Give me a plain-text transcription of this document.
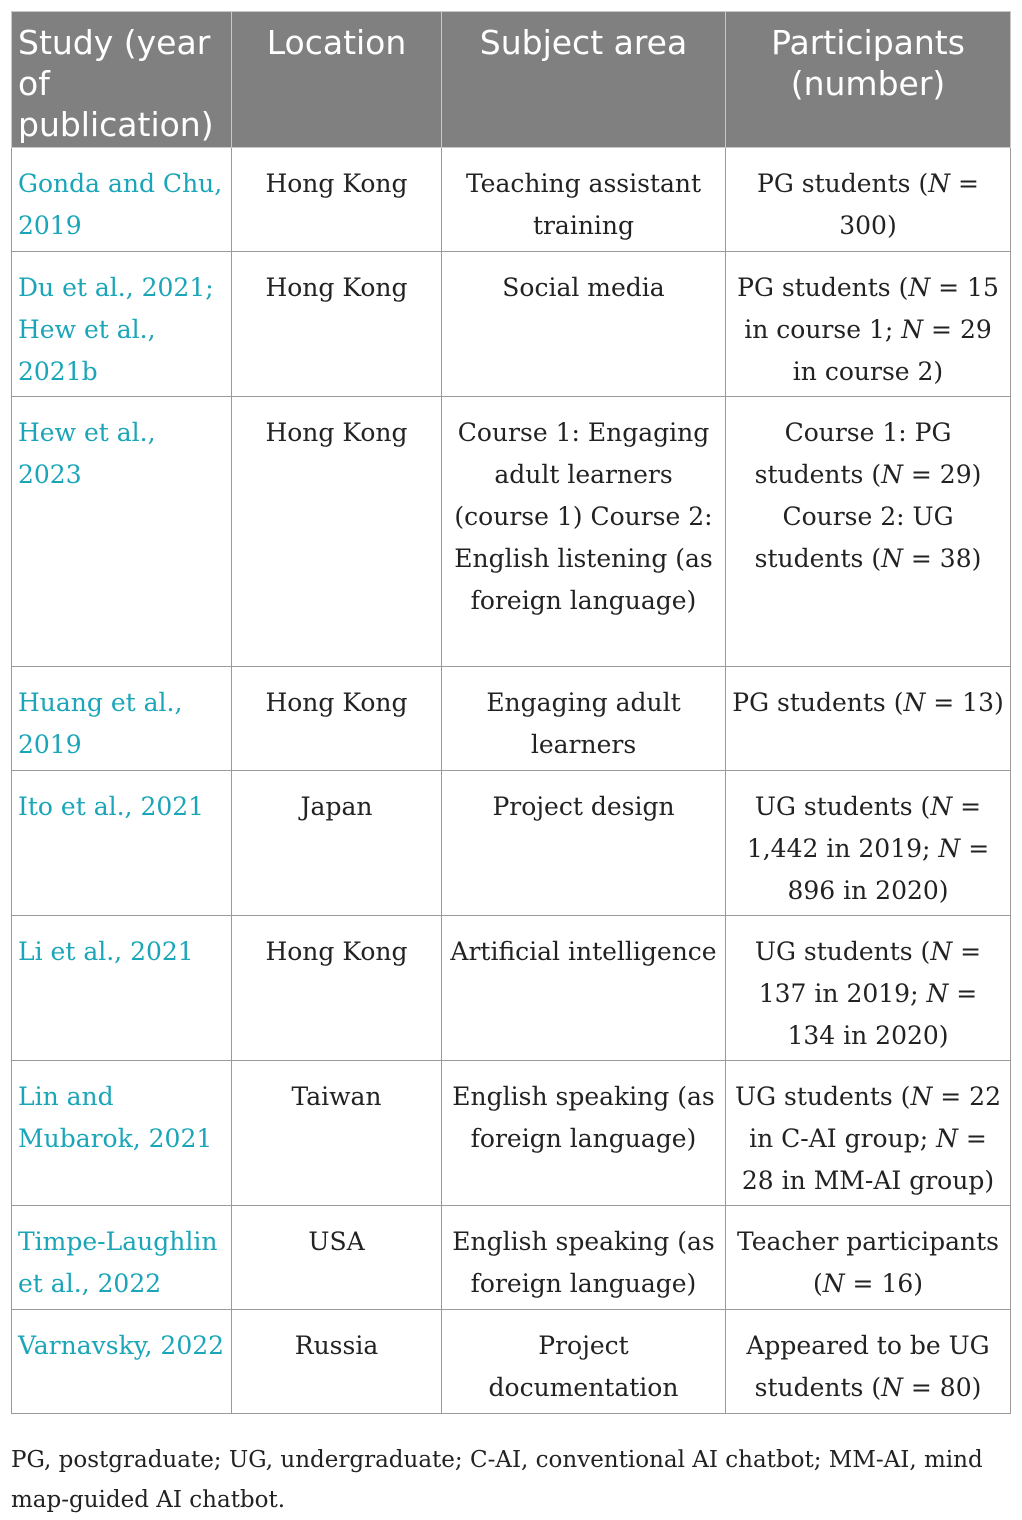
Study (year of publication)	Location	Subject area	Participants (number)
Gonda and Chu, 2019	Hong Kong	Teaching assistant training	PG students (N = 300)
Du et al., 2021; Hew et al., 2021b	Hong Kong	Social media	PG students (N = 15 in course 1; N = 29 in course 2)
Hew et al., 2023	Hong Kong	Course 1: Engaging adult learners (course 1) Course 2: English listening (as foreign language)	Course 1: PG students (N = 29) Course 2: UG students (N = 38)
Huang et al., 2019	Hong Kong	Engaging adult learners	PG students (N = 13)
Ito et al., 2021	Japan	Project design	UG students (N = 1,442 in 2019; N = 896 in 2020)
Li et al., 2021	Hong Kong	Artificial intelligence	UG students (N = 137 in 2019; N = 134 in 2020)
Lin and Mubarok, 2021	Taiwan	English speaking (as foreign language)	UG students (N = 22 in C-AI group; N = 28 in MM-AI group)
Timpe-Laughlin et al., 2022	USA	English speaking (as foreign language)	Teacher participants (N = 16)
Varnavsky, 2022	Russia	Project documentation	Appeared to be UG students (N = 80)
PG, postgraduate; UG, undergraduate; C-AI, conventional AI chatbot; MM-AI, mind map-guided AI chatbot.
